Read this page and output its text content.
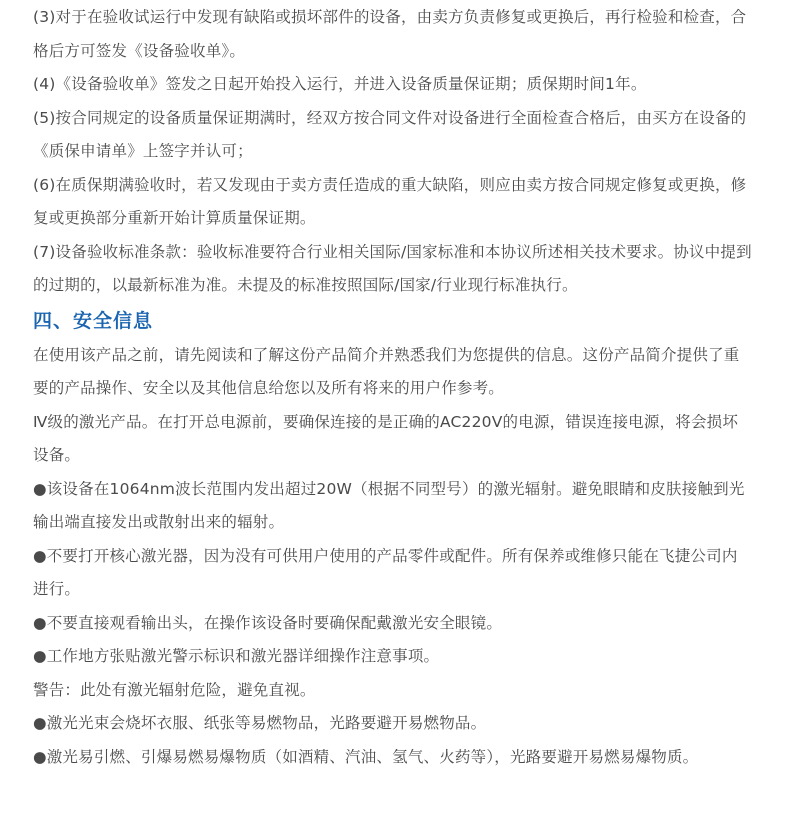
(3)对于在验收试运行中发现有缺陷或损坏部件的设备，由卖方负责修复或更换后，再行检验和检查，合格后方可签发《设备验收单》。

(4)《设备验收单》签发之日起开始投入运行，并进入设备质量保证期；质保期时间1年。

(5)按合同规定的设备质量保证期满时，经双方按合同文件对设备进行全面检查合格后，由买方在设备的《质保申请单》上签字并认可；

(6)在质保期满验收时，若又发现由于卖方责任造成的重大缺陷，则应由卖方按合同规定修复或更换，修复或更换部分重新开始计算质量保证期。

(7)设备验收标准条款：验收标准要符合行业相关国际/国家标准和本协议所述相关技术要求。协议中提到的过期的，以最新标准为准。未提及的标准按照国际/国家/行业现行标准执行。

四、安全信息

在使用该产品之前，请先阅读和了解这份产品简介并熟悉我们为您提供的信息。这份产品简介提供了重要的产品操作、安全以及其他信息给您以及所有将来的用户作参考。

Ⅳ级的激光产品。在打开总电源前，要确保连接的是正确的AC220V的电源，错误连接电源，将会损坏设备。

●该设备在1064nm波长范围内发出超过20W（根据不同型号）的激光辐射。避免眼睛和皮肤接触到光输出端直接发出或散射出来的辐射。

●不要打开核心激光器，因为没有可供用户使用的产品零件或配件。所有保养或维修只能在飞捷公司内进行。

●不要直接观看输出头，在操作该设备时要确保配戴激光安全眼镜。

●工作地方张贴激光警示标识和激光器详细操作注意事项。

警告：此处有激光辐射危险，避免直视。

●激光光束会烧坏衣服、纸张等易燃物品，光路要避开易燃物品。

●激光易引燃、引爆易燃易爆物质（如酒精、汽油、氢气、火药等），光路要避开易燃易爆物质。
